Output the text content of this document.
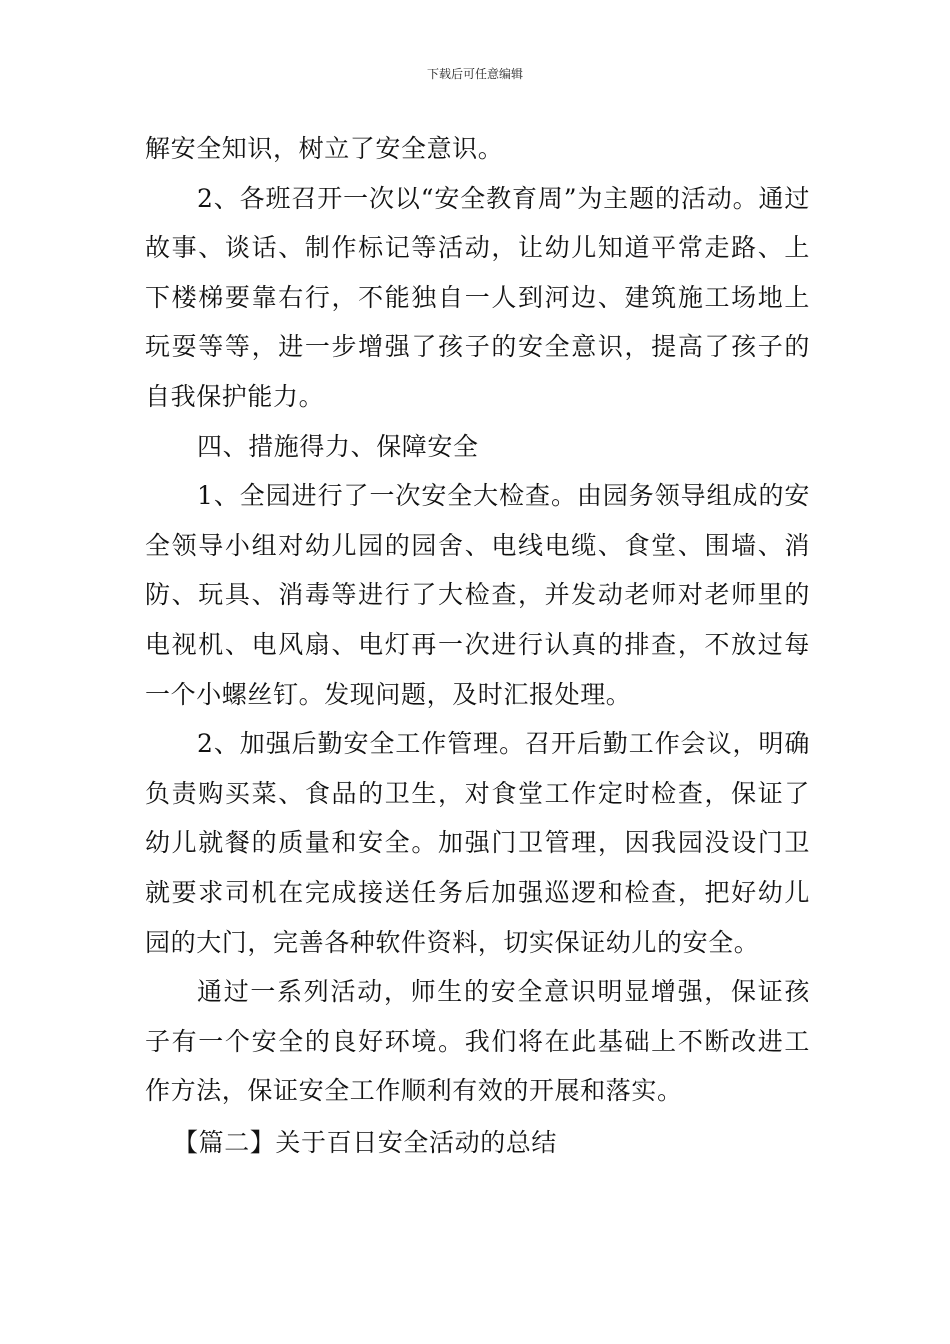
下载后可任意编辑

解安全知识，树立了安全意识。

2、各班召开一次以“安全教育周”为主题的活动。通过故事、谈话、制作标记等活动，让幼儿知道平常走路、上下楼梯要靠右行，不能独自一人到河边、建筑施工场地上玩耍等等，进一步增强了孩子的安全意识，提高了孩子的自我保护能力。

四、措施得力、保障安全

1、全园进行了一次安全大检查。由园务领导组成的安全领导小组对幼儿园的园舍、电线电缆、食堂、围墙、消防、玩具、消毒等进行了大检查，并发动老师对老师里的电视机、电风扇、电灯再一次进行认真的排查，不放过每一个小螺丝钉。发现问题，及时汇报处理。

2、加强后勤安全工作管理。召开后勤工作会议，明确负责购买菜、食品的卫生，对食堂工作定时检查，保证了幼儿就餐的质量和安全。加强门卫管理，因我园没设门卫就要求司机在完成接送任务后加强巡逻和检查，把好幼儿园的大门，完善各种软件资料，切实保证幼儿的安全。

通过一系列活动，师生的安全意识明显增强，保证孩子有一个安全的良好环境。我们将在此基础上不断改进工作方法，保证安全工作顺利有效的开展和落实。

【篇二】关于百日安全活动的总结
